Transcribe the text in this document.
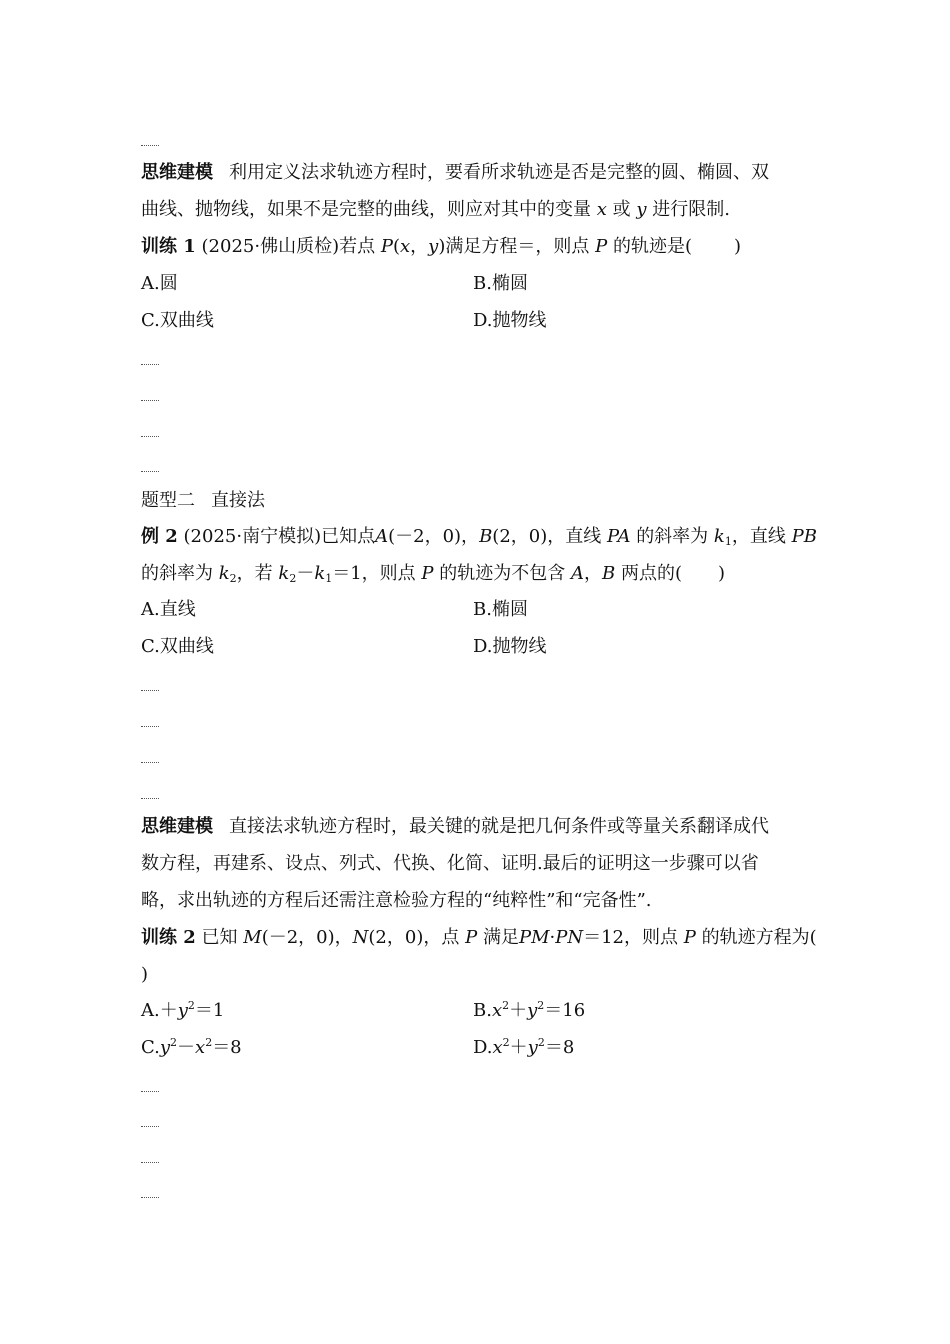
思维建模 利用定义法求轨迹方程时，要看所求轨迹是否是完整的圆、椭圆、双
曲线、抛物线，如果不是完整的曲线，则应对其中的变量 x 或 y 进行限制.
训练 1 (2025·佛山质检)若点 P(x，y)满足方程＝，则点 P 的轨迹是( )
A.圆	B.椭圆
C.双曲线	D.抛物线
题型二 直接法
例 2 (2025·南宁模拟)已知点A(－2，0)，B(2，0)，直线 PA 的斜率为 $k_1$，直线 PB
的斜率为 $k_2$，若 $k_2-k_1=1$，则点 P 的轨迹为不包含 A，B 两点的( )
A.直线	B.椭圆
C.双曲线	D.抛物线
思维建模 直接法求轨迹方程时，最关键的就是把几何条件或等量关系翻译成代
数方程，再建系、设点、列式、代换、化简、证明.最后的证明这一步骤可以省
略，求出轨迹的方程后还需注意检验方程的“纯粹性”和“完备性”.
训练 2 已知 M(－2，0)，N(2，0)，点 P 满足PM·PN＝12，则点 P 的轨迹方程为(
)
$A.+y^2=1$	$B.x^2+y^2=16$
$C.y^2-x^2=8$	$D.x^2+y^2=8$
